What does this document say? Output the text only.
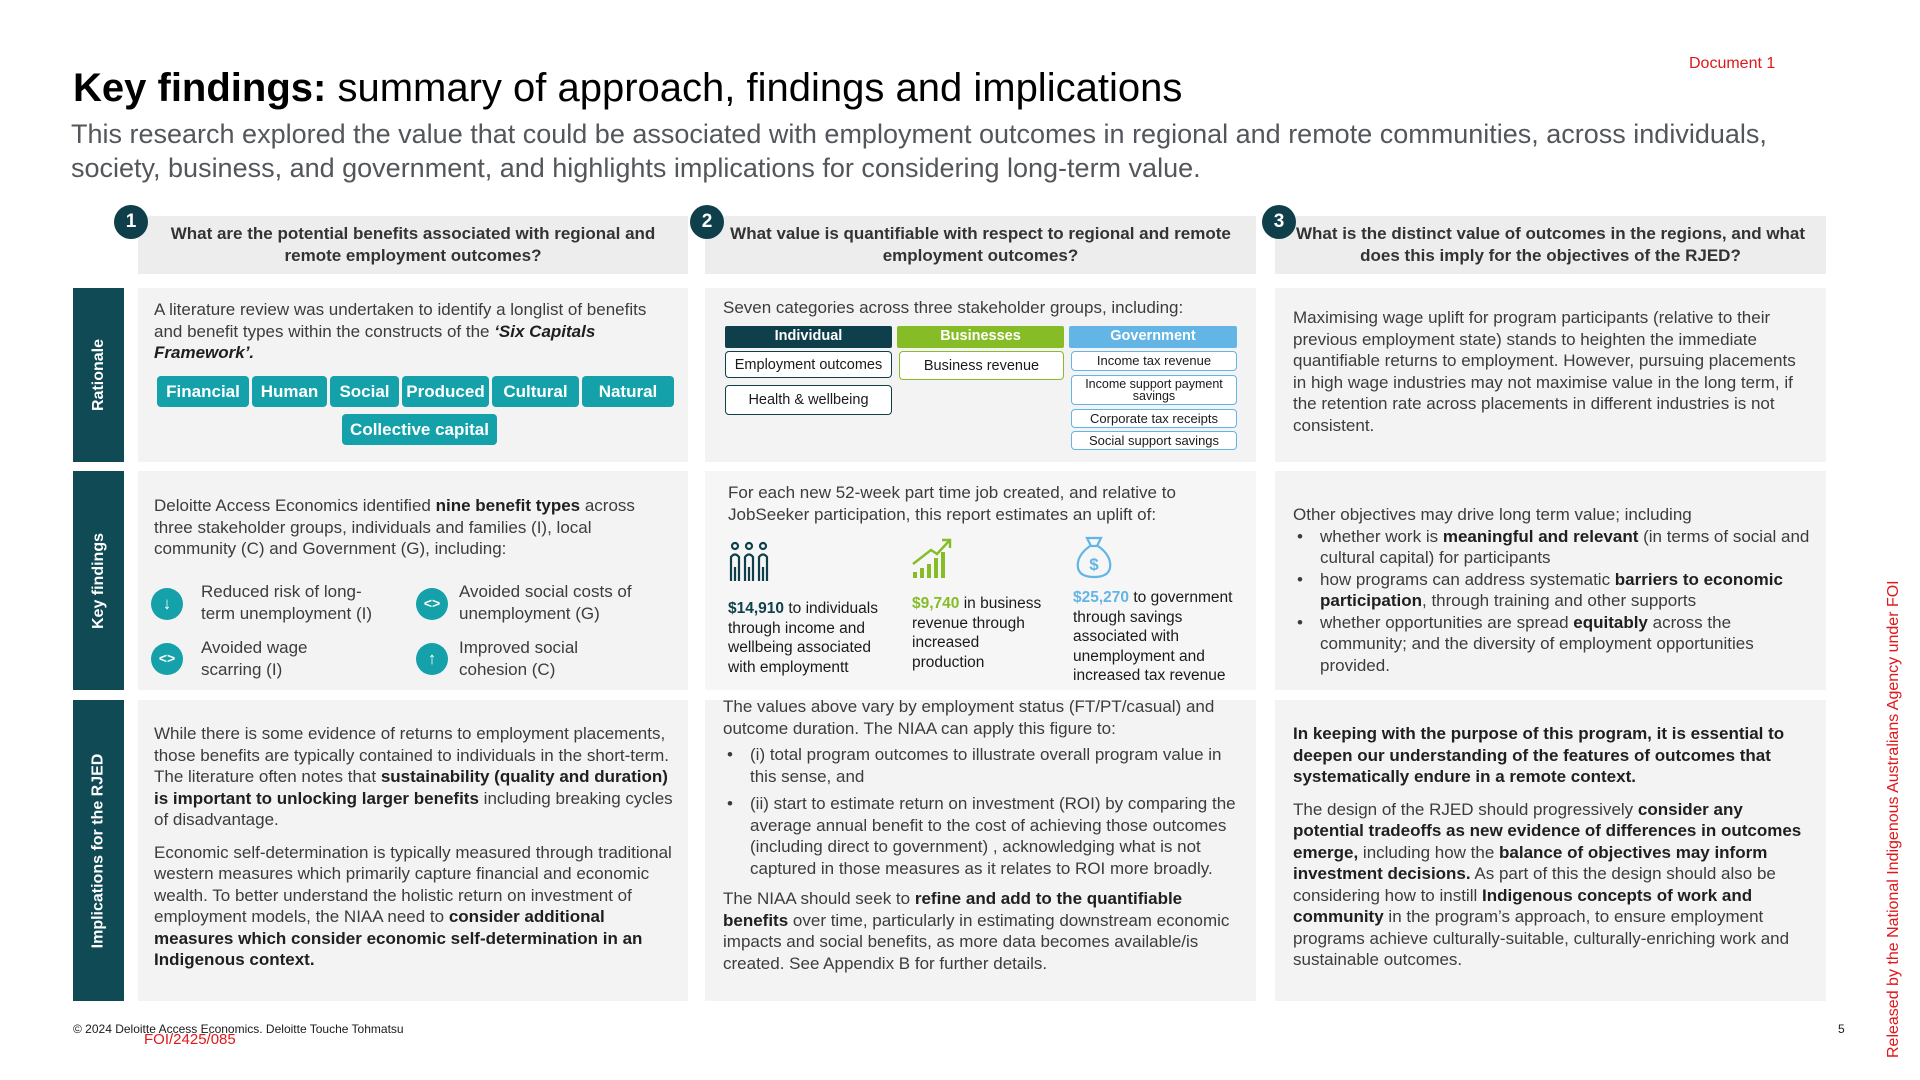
Document 1
Key findings: summary of approach, findings and implications
This research explored the value that could be associated with employment outcomes in regional and remote communities, across individuals, society, business, and government, and highlights implications for considering long-term value.
What are the potential benefits associated with regional and remote employment outcomes?
What value is quantifiable with respect to regional and remote employment outcomes?
What is the distinct value of outcomes in the regions, and what does this imply for the objectives of the RJED?
1	2	3
Rationale
Key findings
Implications for the RJED
A literature review was undertaken to identify a longlist of benefits and benefit types within the constructs of the ‘Six Capitals Framework’.
Financial	Human	Social Produced	Cultural	Natural
Collective capital
Seven categories across three stakeholder groups, including:
Individual	Businesses	Government
Employment outcomes
Health & wellbeing
Business revenue	Income tax revenue
Income support payment savings
Corporate tax receipts
Social support savings
Maximising wage uplift for program participants (relative to their previous employment state) stands to heighten the immediate quantifiable returns to employment. However, pursuing placements in high wage industries may not maximise value in the long term, if the retention rate across placements in different industries is not consistent.
Deloitte Access Economics identified nine benefit types across three stakeholder groups, individuals and families (I), local community (C) and Government (G), including:
↓
Reduced risk of long-term unemployment (I)
<>
Avoided social costs of unemployment (G)
<>
Avoided wage scarring (I)
↑
Improved social cohesion (C)
For each new 52-week part time job created, and relative to JobSeeker participation, this report estimates an uplift of:
$
$14,910 to individuals through income and wellbeing associated with employmentt
$9,740 in business revenue through increased production
$25,270 to government through savings associated with unemployment and increased tax revenue
Other objectives may drive long term value; including
• whether work is meaningful and relevant (in terms of social and cultural capital) for participants
• how programs can address systematic barriers to economic participation, through training and other supports
• whether opportunities are spread equitably across the community; and the diversity of employment opportunities provided.

While there is some evidence of returns to employment placements, those benefits are typically contained to individuals in the short-term. The literature often notes that sustainability (quality and duration) is important to unlocking larger benefits including breaking cycles of disadvantage.

Economic self-determination is typically measured through traditional western measures which primarily capture financial and economic wealth. To better understand the holistic return on investment of employment models, the NIAA need to consider additional measures which consider economic self-determination in an Indigenous context.

The values above vary by employment status (FT/PT/casual) and outcome duration. The NIAA can apply this figure to:

• (i) total program outcomes to illustrate overall program value in this sense, and
• (ii) start to estimate return on investment (ROI) by comparing the average annual benefit to the cost of achieving those outcomes (including direct to government) , acknowledging what is not captured in those measures as it relates to ROI more broadly.

The NIAA should seek to refine and add to the quantifiable benefits over time, particularly in estimating downstream economic impacts and social benefits, as more data becomes available/is created. See Appendix B for further details.

In keeping with the purpose of this program, it is essential to deepen our understanding of the features of outcomes that systematically endure in a remote context.

The design of the RJED should progressively consider any potential tradeoffs as new evidence of differences in outcomes emerge, including how the balance of objectives may inform investment decisions. As part of this the design should also be considering how to instill Indigenous concepts of work and community in the program’s approach, to ensure employment programs achieve culturally-suitable, culturally-enriching work and sustainable outcomes.

© 2024 Deloitte Access Economics. Deloitte Touche Tohmatsu
FOI/2425/085
5	Released by the National Indigenous Australians Agency under FOI
